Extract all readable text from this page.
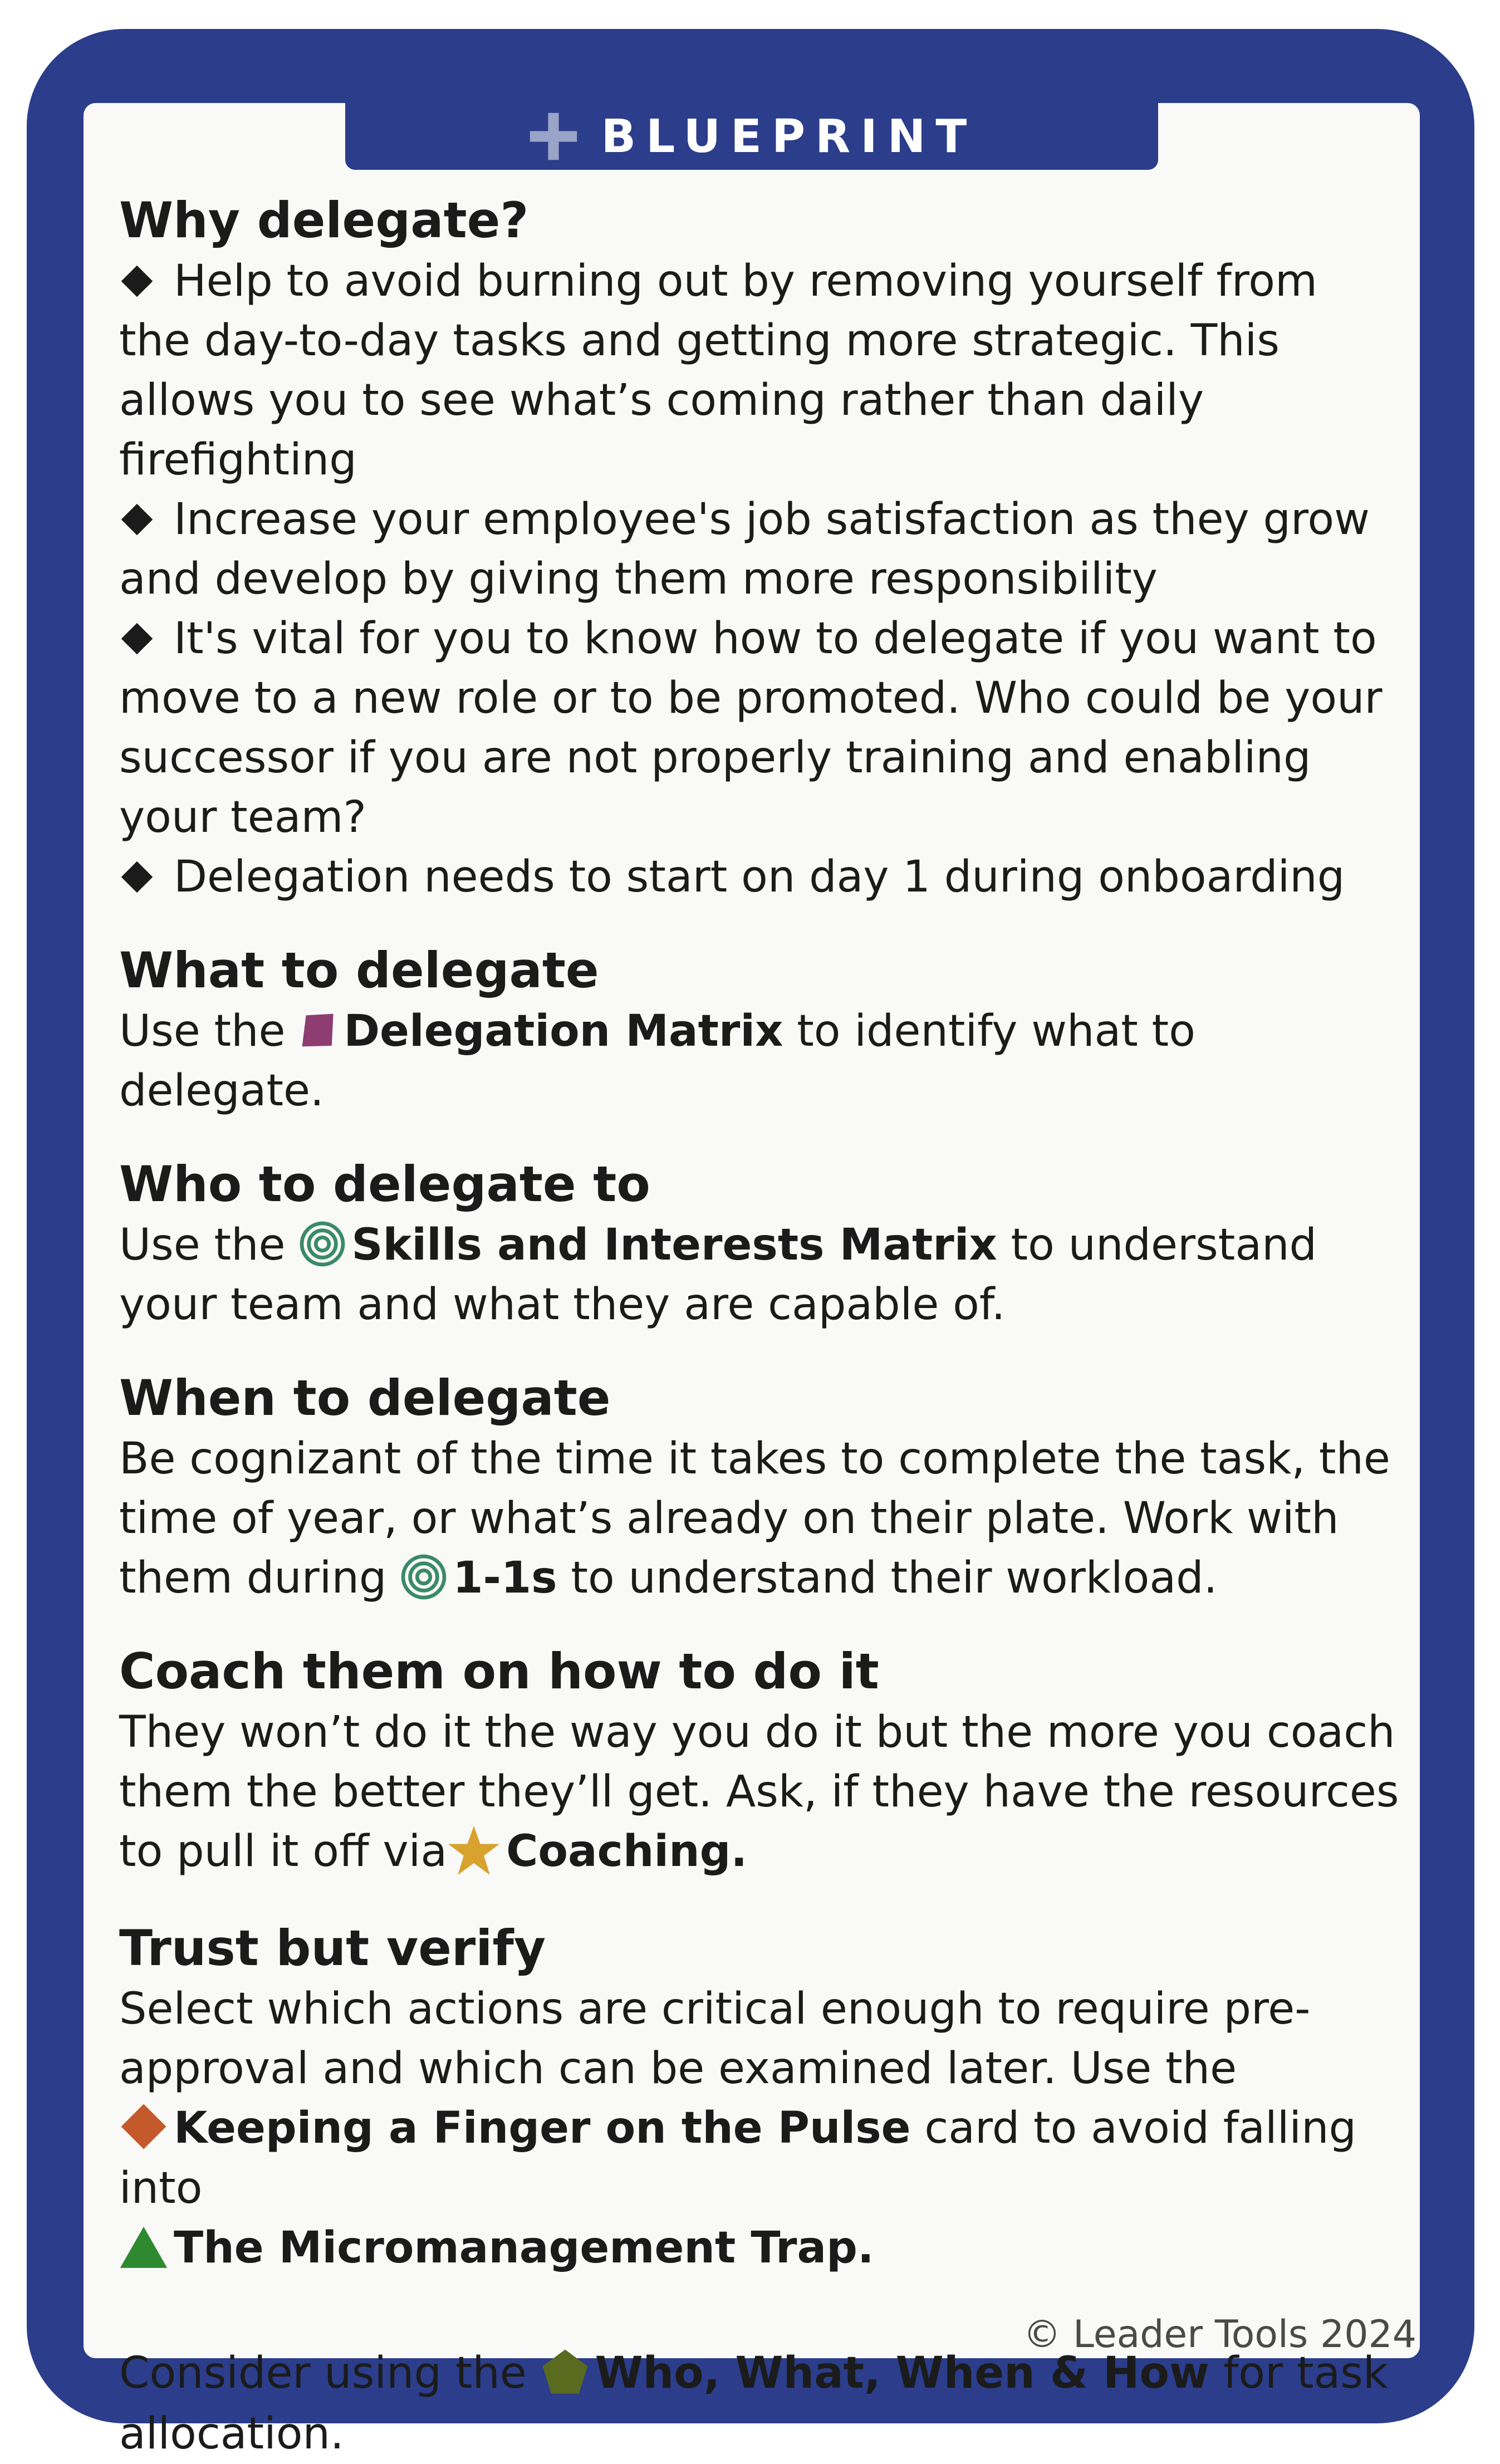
BLUEPRINT
Why delegate?

Help to avoid burning out by removing yourself from the day-to-day tasks and getting more strategic. This allows you to see what’s coming rather than daily firefighting

Increase your employee's job satisfaction as they grow and develop by giving them more responsibility

It's vital for you to know how to delegate if you want to move to a new role or to be promoted. Who could be your successor if you are not properly training and enabling your team?

Delegation needs to start on day 1 during onboarding

What to delegate

Use the Delegation Matrix to identify what to delegate.

Who to delegate to

Use the Skills and Interests Matrix to understand your team and what they are capable of.

When to delegate

Be cognizant of the time it takes to complete the task, the time of year, or what’s already on their plate. Work with them during 1-1s to understand their workload.

Coach them on how to do it

They won’t do it the way you do it but the more you coach them the better they’ll get. Ask, if they have the resources to pull it off via Coaching.

Trust but verify

Select which actions are critical enough to require pre-approval and which can be examined later. Use the
Keeping a Finger on the Pulse card to avoid falling into
The Micromanagement Trap.

Consider using the Who, What, When & How for task allocation.

© Leader Tools 2024
